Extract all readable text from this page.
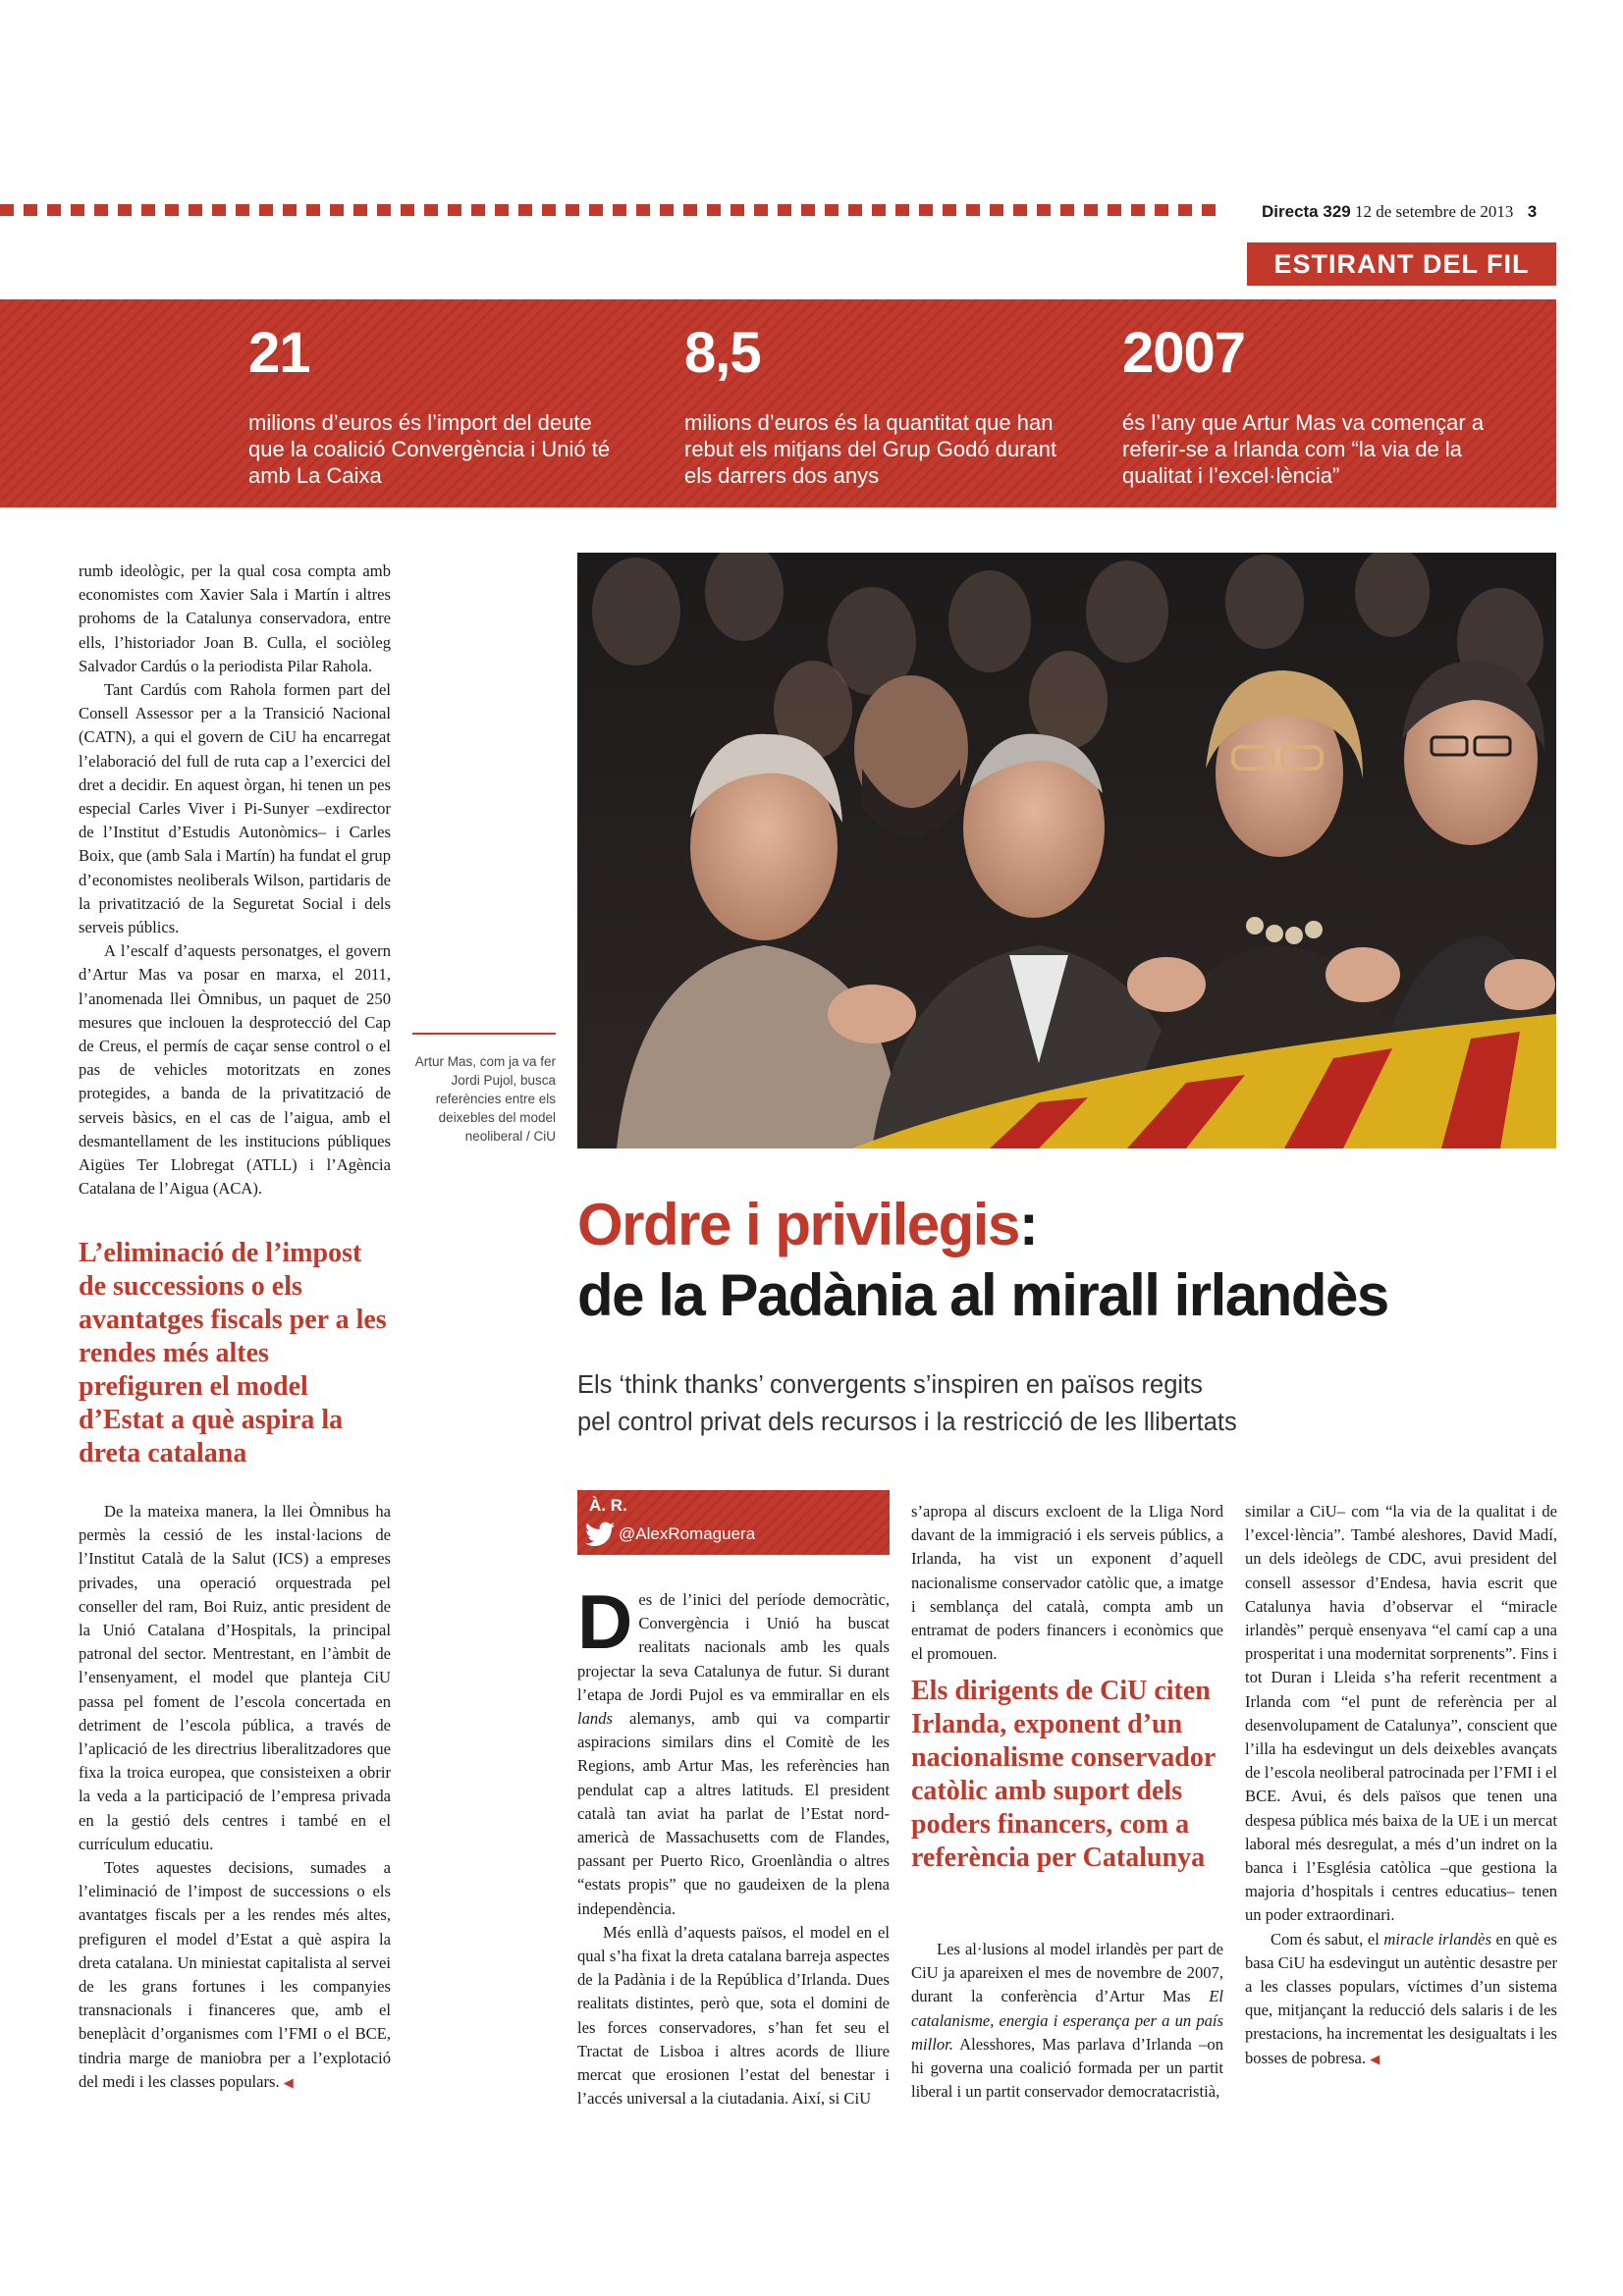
Directa 329 12 de setembre de 2013 3
ESTIRANT DEL FIL
21
milions d’euros és l’import del deute que la coalició Convergència i Unió té amb La Caixa
8,5
milions d’euros és la quantitat que han rebut els mitjans del Grup Godó durant els darrers dos anys
2007
és l’any que Artur Mas va començar a referir-se a Irlanda com “la via de la qualitat i l’excel·lència”

rumb ideològic, per la qual cosa compta amb economistes com Xavier Sala i Martín i altres prohoms de la Catalunya conservadora, entre ells, l’historiador Joan B. Culla, el sociòleg Salvador Cardús o la periodista Pilar Rahola.

Tant Cardús com Rahola formen part del Consell Assessor per a la Transició Nacional (CATN), a qui el govern de CiU ha encarregat l’elaboració del full de ruta cap a l’exercici del dret a decidir. En aquest òrgan, hi tenen un pes especial Carles Viver i Pi-Sunyer –exdirector de l’Institut d’Estudis Autonòmics– i Carles Boix, que (amb Sala i Martín) ha fundat el grup d’economistes neoliberals Wilson, partidaris de la privatització de la Seguretat Social i dels serveis públics.

A l’escalf d’aquests personatges, el govern d’Artur Mas va posar en marxa, el 2011, l’anomenada llei Òmnibus, un paquet de 250 mesures que inclouen la desprotecció del Cap de Creus, el permís de caçar sense control o el pas de vehicles motoritzats en zones protegides, a banda de la privatització de serveis bàsics, en el cas de l’aigua, amb el desmantellament de les institucions públiques Aigües Ter Llobregat (ATLL) i l’Agència Catalana de l’Aigua (ACA).

L’eliminació de l’impost de successions o els avantatges fiscals per a les rendes més altes prefiguren el model d’Estat a què aspira la dreta catalana

De la mateixa manera, la llei Òmnibus ha permès la cessió de les instal·lacions de l’Institut Català de la Salut (ICS) a empreses privades, una operació orquestrada pel conseller del ram, Boi Ruiz, antic president de la Unió Catalana d’Hospitals, la principal patronal del sector. Mentrestant, en l’àmbit de l’ensenyament, el model que planteja CiU passa pel foment de l’escola concertada en detriment de l’escola pública, a través de l’aplicació de les directrius liberalitzadores que fixa la troica europea, que consisteixen a obrir la veda a la participació de l’empresa privada en la gestió dels centres i també en el currículum educatiu.

Totes aquestes decisions, sumades a l’eliminació de l’impost de successions o els avantatges fiscals per a les rendes més altes, prefiguren el model d’Estat a què aspira la dreta catalana. Un miniestat capitalista al servei de les grans fortunes i les companyies transnacionals i financeres que, amb el beneplàcit d’organismes com l’FMI o el BCE, tindria marge de maniobra per a l’explotació del medi i les classes populars. ◀

Artur Mas, com ja va fer Jordi Pujol, busca referències entre els deixebles del model neoliberal / CiU
Ordre i privilegis:
de la Padània al mirall irlandès
Els ‘think thanks’ convergents s’inspiren en països regits
pel control privat dels recursos i la restricció de les llibertats
À. R.
@AlexRomaguera

Des de l’inici del període democràtic, Convergència i Unió ha buscat realitats nacionals amb les quals projectar la seva Catalunya de futur. Si durant l’etapa de Jordi Pujol es va emmirallar en els lands alemanys, amb qui va compartir aspiracions similars dins el Comitè de les Regions, amb Artur Mas, les referències han pendulat cap a altres latituds. El president català tan aviat ha parlat de l’Estat nord-americà de Massachusetts com de Flandes, passant per Puerto Rico, Groenlàndia o altres “estats propis” que no gaudeixen de la plena independència.

Més enllà d’aquests països, el model en el qual s’ha fixat la dreta catalana barreja aspectes de la Padània i de la República d’Irlanda. Dues realitats distintes, però que, sota el domini de les forces conservadores, s’han fet seu el Tractat de Lisboa i altres acords de lliure mercat que erosionen l’estat del benestar i l’accés universal a la ciutadania. Així, si CiU

s’apropa al discurs excloent de la Lliga Nord davant de la immigració i els serveis públics, a Irlanda, ha vist un exponent d’aquell nacionalisme conservador catòlic que, a imatge i semblança del català, compta amb un entramat de poders financers i econòmics que el promouen.

Els dirigents de CiU citen Irlanda, exponent d’un nacionalisme conservador catòlic amb suport dels poders financers, com a referència per Catalunya

Les al·lusions al model irlandès per part de CiU ja apareixen el mes de novembre de 2007, durant la conferència d’Artur Mas El catalanisme, energia i esperança per a un país millor. Alesshores, Mas parlava d’Irlanda –on hi governa una coalició formada per un partit liberal i un partit conservador democratacristià,

similar a CiU– com “la via de la qualitat i de l’excel·lència”. També aleshores, David Madí, un dels ideòlegs de CDC, avui president del consell assessor d’Endesa, havia escrit que Catalunya havia d’observar el “miracle irlandès” perquè ensenyava “el camí cap a una prosperitat i una modernitat sorprenents”. Fins i tot Duran i Lleida s’ha referit recentment a Irlanda com “el punt de referència per al desenvolupament de Catalunya”, conscient que l’illa ha esdevingut un dels deixebles avançats de l’escola neoliberal patrocinada per l’FMI i el BCE. Avui, és dels països que tenen una despesa pública més baixa de la UE i un mercat laboral més desregulat, a més d’un indret on la banca i l’Església catòlica –que gestiona la majoria d’hospitals i centres educatius– tenen un poder extraordinari.

Com és sabut, el miracle irlandès en què es basa CiU ha esdevingut un autèntic desastre per a les classes populars, víctimes d’un sistema que, mitjançant la reducció dels salaris i de les prestacions, ha incrementat les desigualtats i les bosses de pobresa. ◀
